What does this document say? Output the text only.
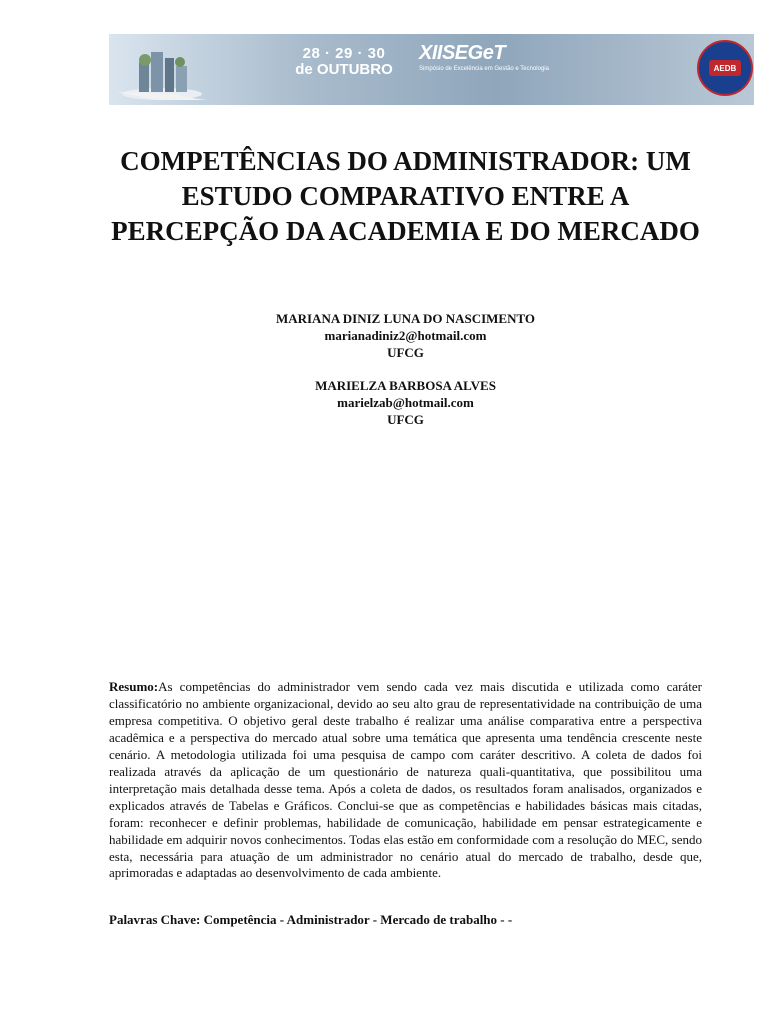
28 · 29 · 30
de OUTUBRO
XIISEGeT
Simpósio de Excelência em Gestão e Tecnologia	AEDB
COMPETÊNCIAS DO ADMINISTRADOR: UM ESTUDO COMPARATIVO ENTRE A PERCEPÇÃO DA ACADEMIA E DO MERCADO
MARIANA DINIZ LUNA DO NASCIMENTO
marianadiniz2@hotmail.com
UFCG
MARIELZA BARBOSA ALVES
marielzab@hotmail.com
UFCG
Resumo:As competências do administrador vem sendo cada vez mais discutida e utilizada como caráter classificatório no ambiente organizacional, devido ao seu alto grau de representatividade na contribuição de uma empresa competitiva. O objetivo geral deste trabalho é realizar uma análise comparativa entre a perspectiva acadêmica e a perspectiva do mercado atual sobre uma temática que apresenta uma tendência crescente neste cenário. A metodologia utilizada foi uma pesquisa de campo com caráter descritivo. A coleta de dados foi realizada através da aplicação de um questionário de natureza quali-quantitativa, que possibilitou uma interpretação mais detalhada desse tema. Após a coleta de dados, os resultados foram analisados, organizados e explicados através de Tabelas e Gráficos. Conclui-se que as competências e habilidades básicas mais citadas, foram: reconhecer e definir problemas, habilidade de comunicação, habilidade em pensar estrategicamente e habilidade em adquirir novos conhecimentos. Todas elas estão em conformidade com a resolução do MEC, sendo esta, necessária para atuação de um administrador no cenário atual do mercado de trabalho, desde que, aprimoradas e adaptadas ao desenvolvimento de cada ambiente.
Palavras Chave: Competência - Administrador - Mercado de trabalho - -
